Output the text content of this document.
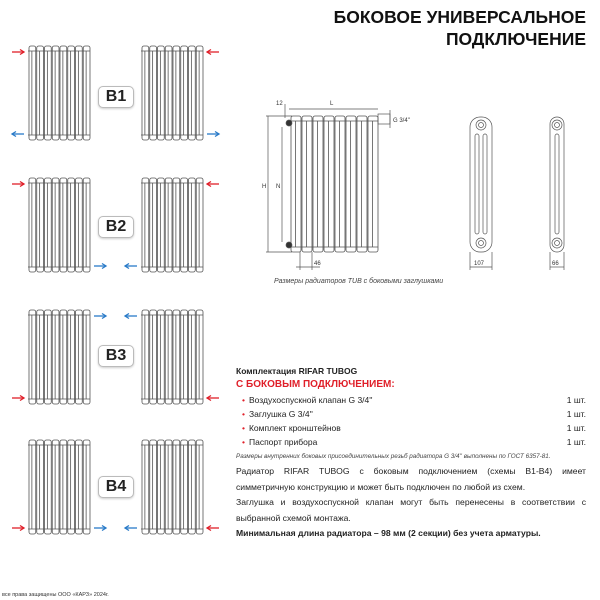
БОКОВОЕ УНИВЕРСАЛЬНОЕ
ПОДКЛЮЧЕНИЕ
B1
B2
B3
B4
12	L
H N
46
G 3/4''
107	66
Размеры радиаторов TUB с боковыми заглушками
Комплектация RIFAR TUBOG
С БОКОВЫМ ПОДКЛЮЧЕНИЕМ:
• Воздухоспускной клапан G 3/4''	1 шт.
• Заглушка G 3/4''	1 шт.
• Комплект кронштейнов	1 шт.
• Паспорт прибора	1 шт.
Размеры внутренних боковых присоединительных резьб радиатора G 3/4'' выполнены по ГОСТ 6357-81.

Радиатор RIFAR TUBOG с боковым подключением (схемы B1-B4) имеет симметричную конструкцию и может быть подключен по любой из схем.

Заглушка и воздухоспускной клапан могут быть перенесены в соответствии с выбранной схемой монтажа.

Минимальная длина радиатора – 98 мм (2 секции) без учета арматуры.

все права защищены ООО «КАРЗ» 2024г.
